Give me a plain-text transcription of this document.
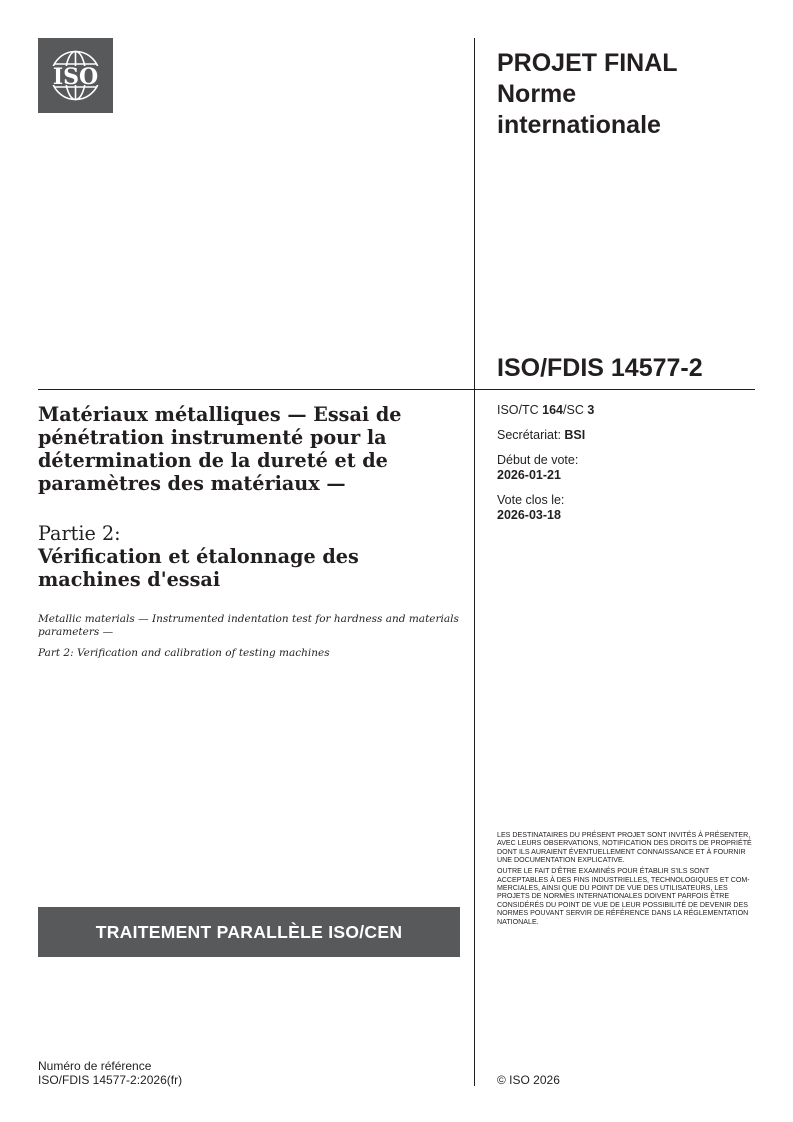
ISO	PROJET FINAL
Norme
internationale
ISO/FDIS 14577-2
ISO/TC 164/SC 3
Secrétariat: BSI
Début de vote:
2026-01-21
Vote clos le:
2026-03-18
Matériaux métalliques — Essai de pénétration instrumenté pour la détermination de la dureté et de paramètres des matériaux —
Partie 2:
Vérification et étalonnage des machines d'essai

Metallic materials — Instrumented indentation test for hardness and materials parameters —

Part 2: Verification and calibration of testing machines

TRAITEMENT PARALLÈLE ISO/CEN

LES DESTINATAIRES DU PRÉSENT PROJET SONT INVITÉS À PRÉSENTER, AVEC LEURS OBSERVATIONS, NOTIFICATION DES DROITS DE PROPRIÉTÉ DONT ILS AURAIENT ÉVENTUELLEMENT CONNAISSANCE ET À FOURNIR UNE DOCUMENTATION EXPLICATIVE.

OUTRE LE FAIT D'ÊTRE EXAMINÉS POUR ÉTABLIR S'ILS SONT ACCEPTABLES À DES FINS INDUSTRIELLES, TECHNOLOGIQUES ET COM-MERCIALES, AINSI QUE DU POINT DE VUE DES UTILISATEURS, LES PROJETS DE NORMES INTERNATIONALES DOIVENT PARFOIS ÊTRE CONSIDÉRÉS DU POINT DE VUE DE LEUR POSSIBILITÉ DE DEVENIR DES NORMES POUVANT SERVIR DE RÉFÉRENCE DANS LA RÉGLEMENTATION NATIONALE.

Numéro de référence
ISO/FDIS 14577-2:2026(fr)	© ISO 2026
